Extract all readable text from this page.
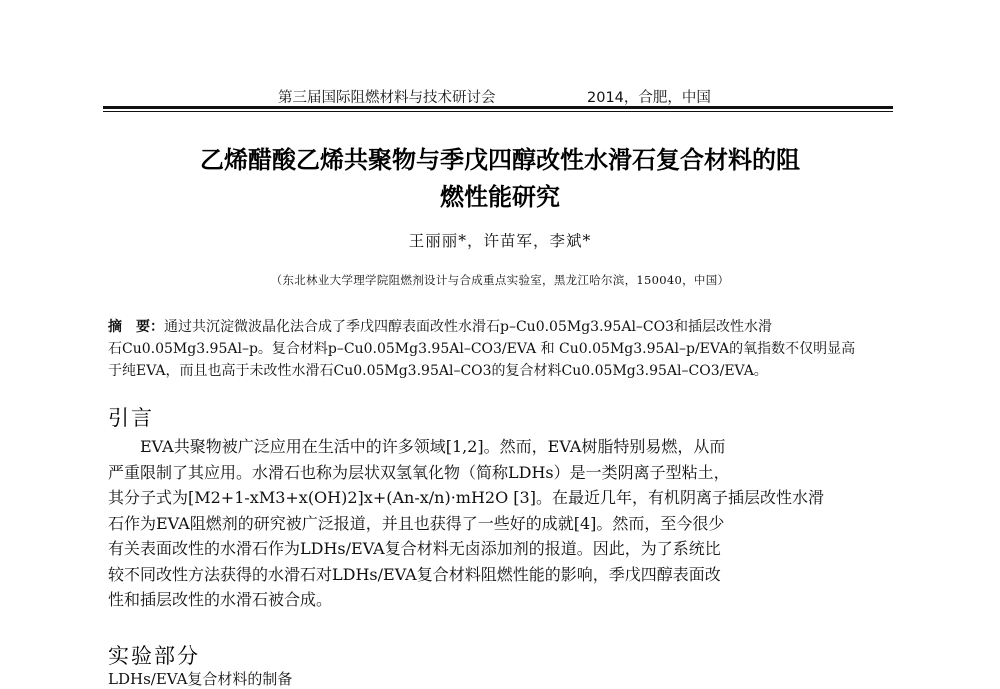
第三届国际阻燃材料与技术研讨会	2014，合肥，中国
乙烯醋酸乙烯共聚物与季戊四醇改性水滑石复合材料的阻
燃性能研究
王丽丽*，许苗军，李斌*
（东北林业大学理学院阻燃剂设计与合成重点实验室，黑龙江哈尔滨，150040，中国）
摘　要：通过共沉淀微波晶化法合成了季戊四醇表面改性水滑石p–Cu0.05Mg3.95Al–CO3和插层改性水滑
石Cu0.05Mg3.95Al–p。复合材料p–Cu0.05Mg3.95Al–CO3/EVA 和 Cu0.05Mg3.95Al–p/EVA的氧指数不仅明显高
于纯EVA，而且也高于未改性水滑石Cu0.05Mg3.95Al–CO3的复合材料Cu0.05Mg3.95Al–CO3/EVA。
引言
　　EVA共聚物被广泛应用在生活中的许多领域[1,2]。然而，EVA树脂特别易燃，从而
严重限制了其应用。水滑石也称为层状双氢氧化物（简称LDHs）是一类阴离子型粘土，
其分子式为[M2+1-xM3+x(OH)2]x+(An-x/n)·mH2O [3]。在最近几年，有机阴离子插层改性水滑
石作为EVA阻燃剂的研究被广泛报道，并且也获得了一些好的成就[4]。然而，至今很少
有关表面改性的水滑石作为LDHs/EVA复合材料无卤添加剂的报道。因此，为了系统比
较不同改性方法获得的水滑石对LDHs/EVA复合材料阻燃性能的影响，季戊四醇表面改
性和插层改性的水滑石被合成。
实验部分
LDHs/EVA复合材料的制备
